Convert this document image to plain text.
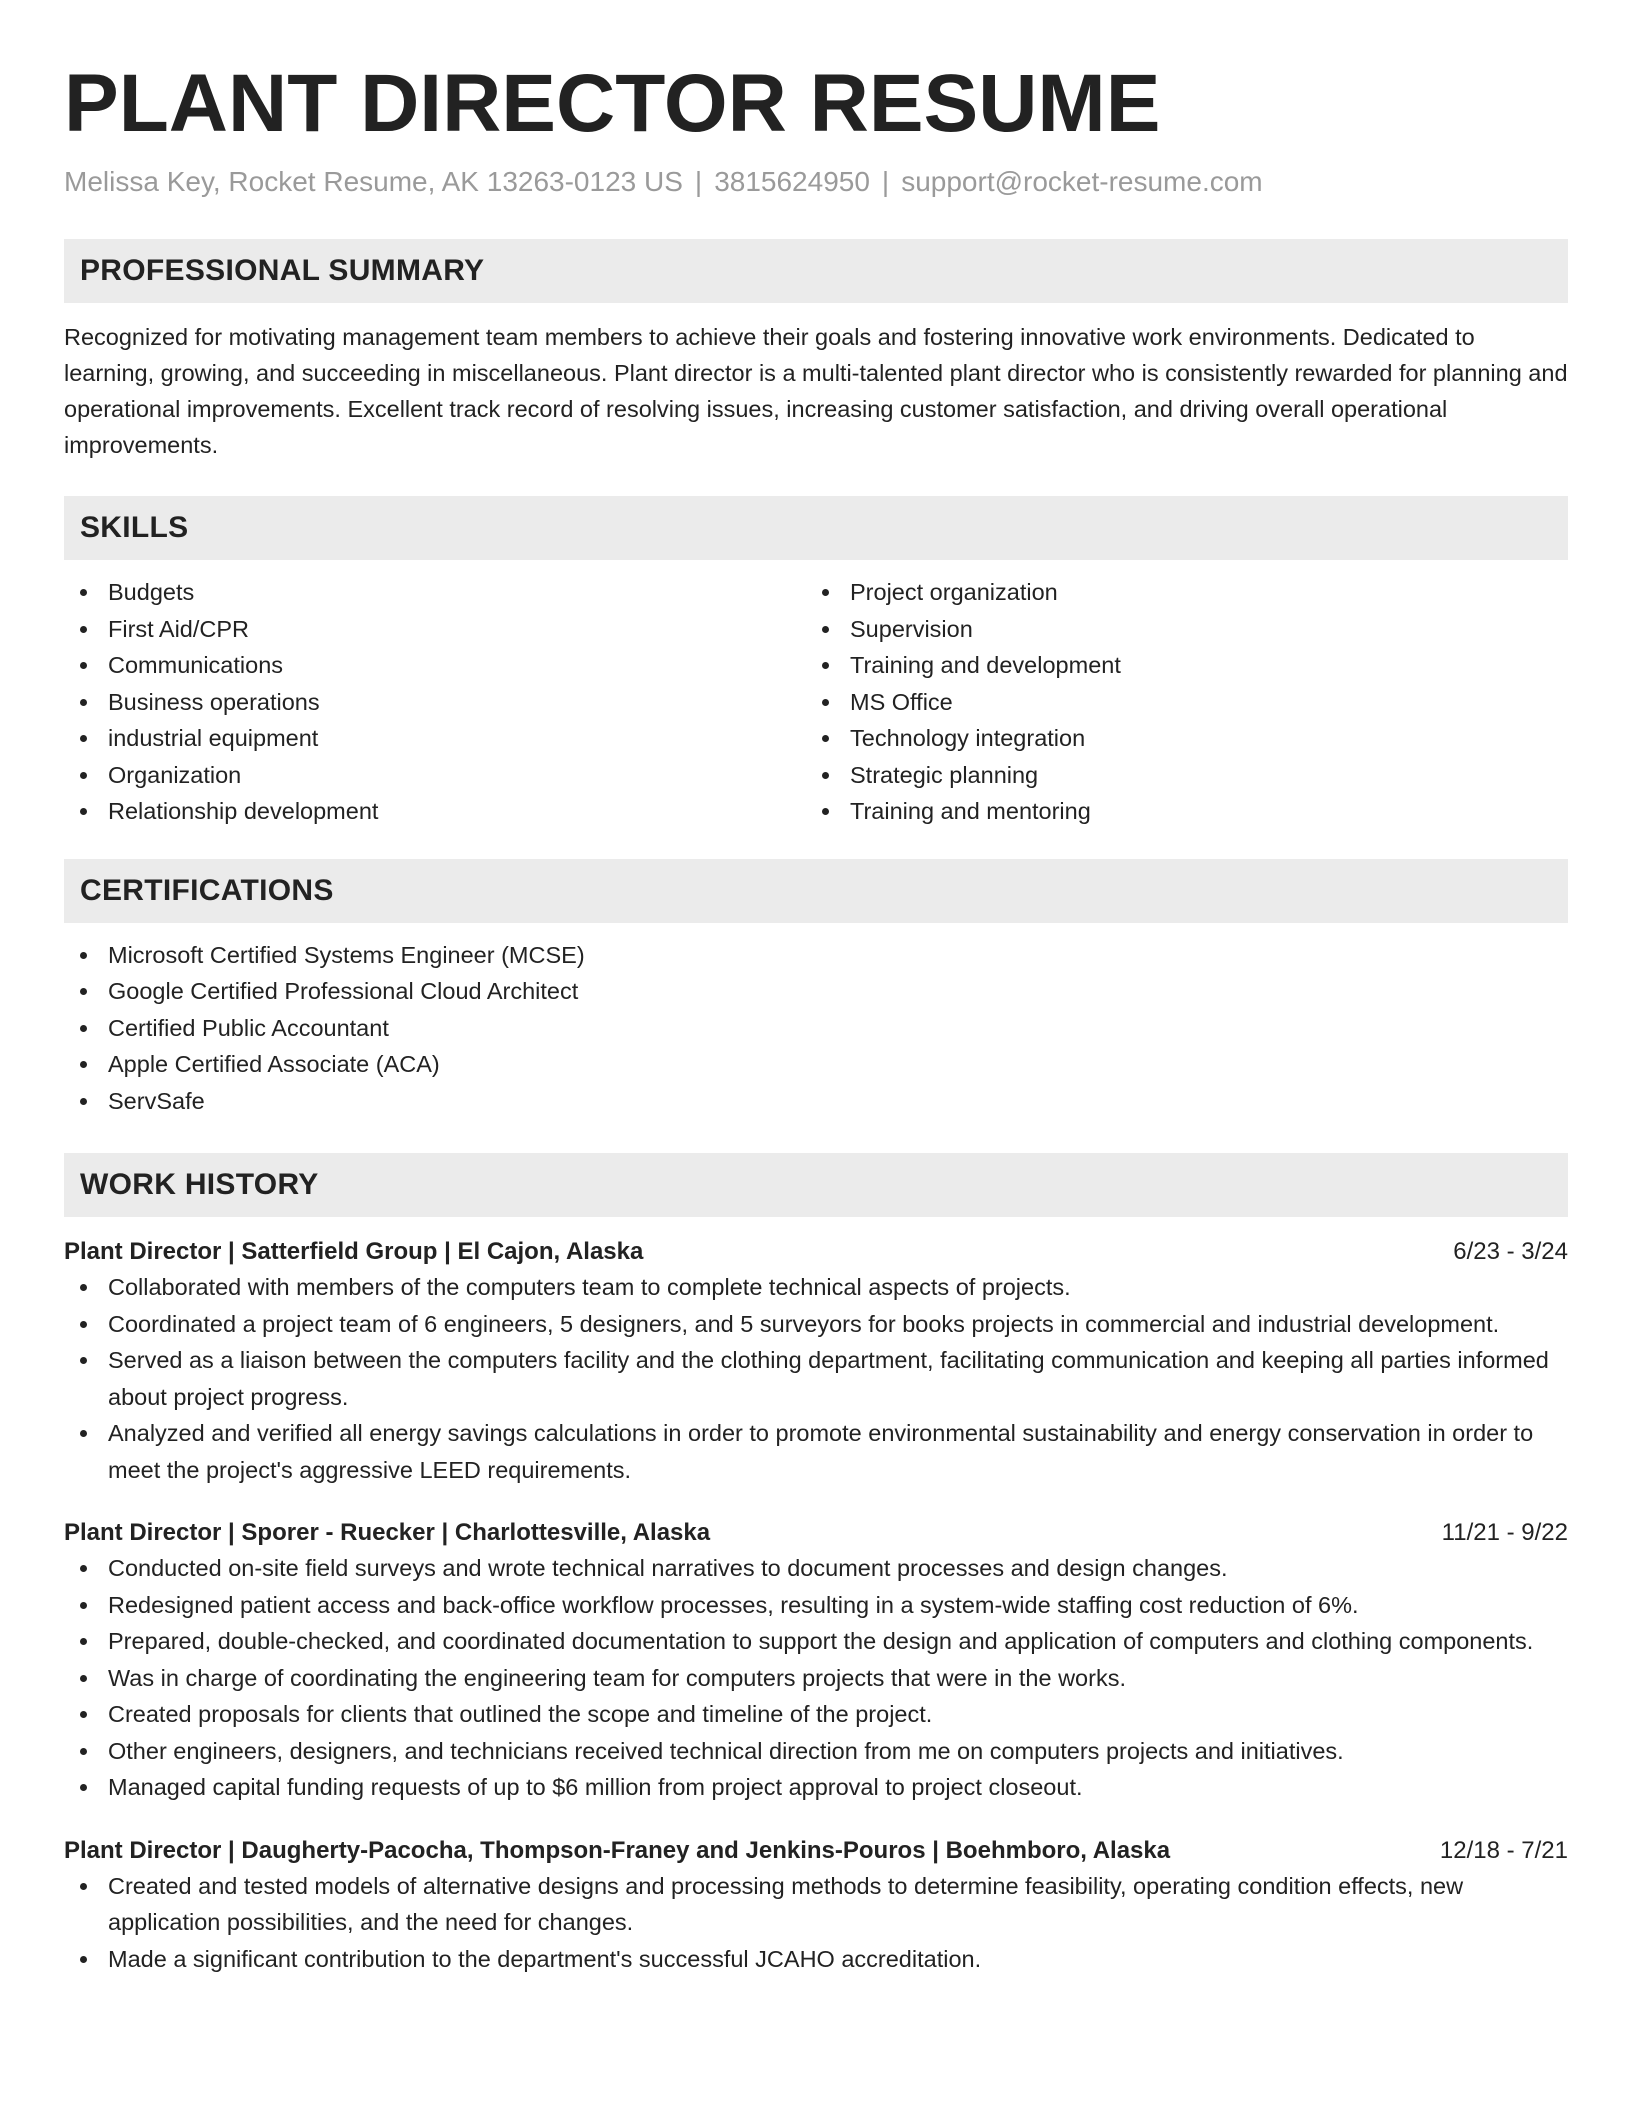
PLANT DIRECTOR RESUME
Melissa Key, Rocket Resume, AK 13263-0123 US | 3815624950 | support@rocket-resume.com
PROFESSIONAL SUMMARY

Recognized for motivating management team members to achieve their goals and fostering innovative work environments. Dedicated to learning, growing, and succeeding in miscellaneous. Plant director is a multi-talented plant director who is consistently rewarded for planning and operational improvements. Excellent track record of resolving issues, increasing customer satisfaction, and driving overall operational improvements.

SKILLS
Budgets
First Aid/CPR
Communications
Business operations
industrial equipment
Organization
Relationship development
Project organization
Supervision
Training and development
MS Office
Technology integration
Strategic planning
Training and mentoring
CERTIFICATIONS
Microsoft Certified Systems Engineer (MCSE)
Google Certified Professional Cloud Architect
Certified Public Accountant
Apple Certified Associate (ACA)
ServSafe
WORK HISTORY
Plant Director | Satterfield Group | El Cajon, Alaska	6/23 - 3/24
Collaborated with members of the computers team to complete technical aspects of projects.
Coordinated a project team of 6 engineers, 5 designers, and 5 surveyors for books projects in commercial and industrial development.
Served as a liaison between the computers facility and the clothing department, facilitating communication and keeping all parties informed about project progress.
Analyzed and verified all energy savings calculations in order to promote environmental sustainability and energy conservation in order to meet the project's aggressive LEED requirements.
Plant Director | Sporer - Ruecker | Charlottesville, Alaska	11/21 - 9/22
Conducted on-site field surveys and wrote technical narratives to document processes and design changes.
Redesigned patient access and back-office workflow processes, resulting in a system-wide staffing cost reduction of 6%.
Prepared, double-checked, and coordinated documentation to support the design and application of computers and clothing components.
Was in charge of coordinating the engineering team for computers projects that were in the works.
Created proposals for clients that outlined the scope and timeline of the project.
Other engineers, designers, and technicians received technical direction from me on computers projects and initiatives.
Managed capital funding requests of up to $6 million from project approval to project closeout.
Plant Director | Daugherty-Pacocha, Thompson-Franey and Jenkins-Pouros | Boehmboro, Alaska	12/18 - 7/21
Created and tested models of alternative designs and processing methods to determine feasibility, operating condition effects, new application possibilities, and the need for changes.
Made a significant contribution to the department's successful JCAHO accreditation.
